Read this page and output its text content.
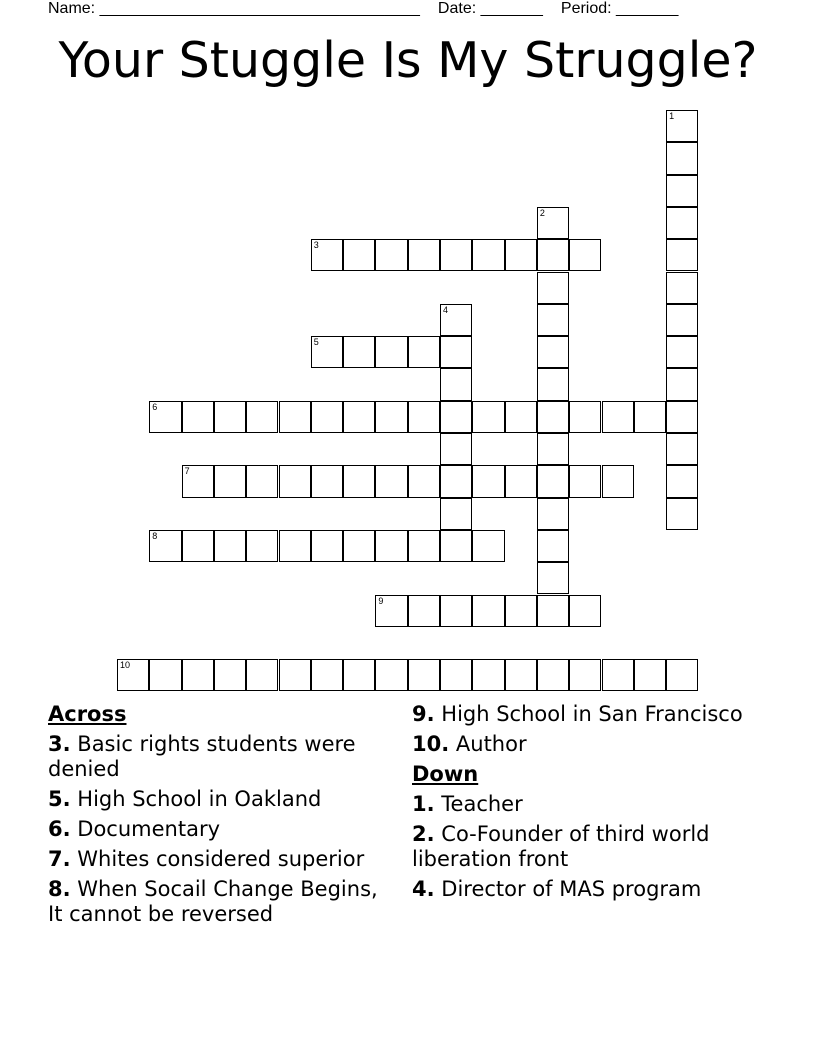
Name: ____________________________________ Date: _______ Period: _______
Your Stuggle Is My Struggle?
1
2
3
4
5
6
7
8
9
10
Across
3. Basic rights students were denied
5. High School in Oakland
6. Documentary
7. Whites considered superior
8. When Socail Change Begins, It cannot be reversed
9. High School in San Francisco
10. Author
Down
1. Teacher
2. Co-Founder of third world liberation front
4. Director of MAS program
